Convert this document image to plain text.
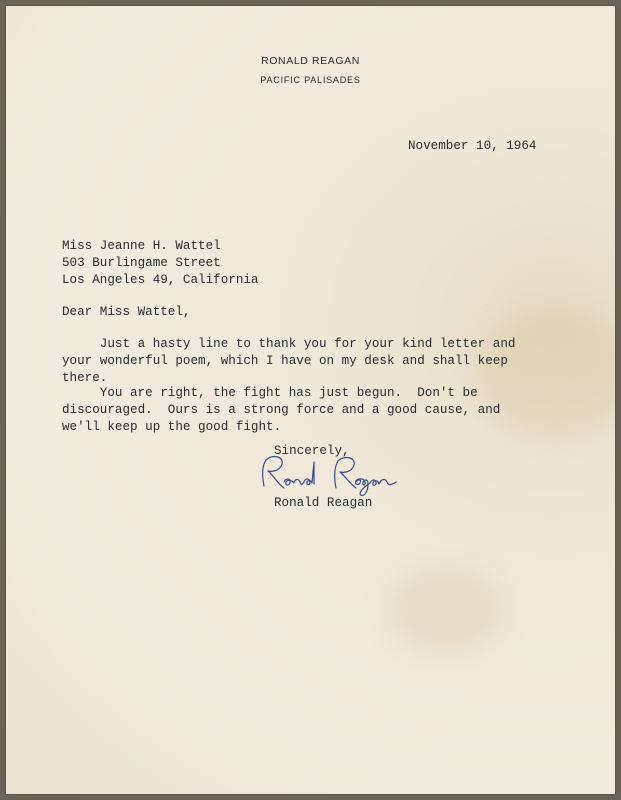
RONALD REAGAN
PACIFIC PALISADES

November 10, 1964

Miss Jeanne H. Wattel
503 Burlingame Street
Los Angeles 49, California

Dear Miss Wattel,

Just a hasty line to thank you for your kind letter and
your wonderful poem, which I have on my desk and shall keep
there.
You are right, the fight has just begun.  Don't be
discouraged.  Ours is a strong force and a good cause, and
we'll keep up the good fight.

Sincerely,

Ronald Reagan
